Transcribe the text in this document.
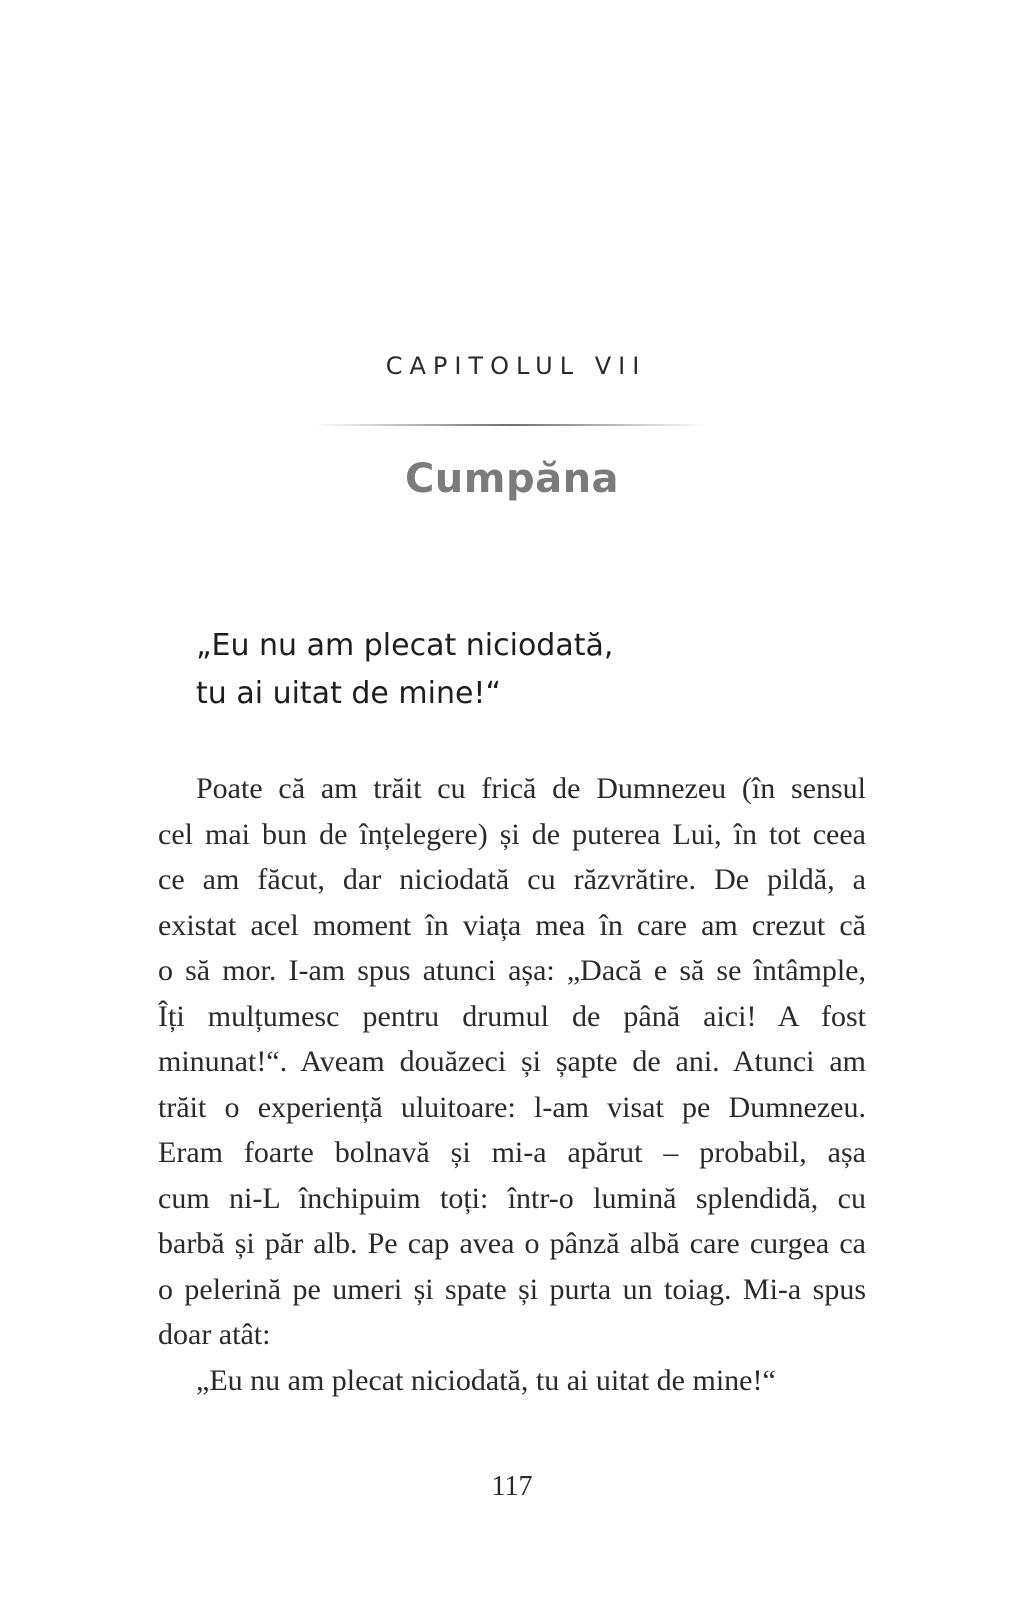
CAPITOLUL VII
Cumpăna
„Eu nu am plecat niciodată,
tu ai uitat de mine!“
Poate că am trăit cu frică de Dumnezeu (în sensul
cel mai bun de înțelegere) și de puterea Lui, în tot ceea
ce am făcut, dar niciodată cu răzvrătire. De pildă, a
existat acel moment în viața mea în care am crezut că
o să mor. I-am spus atunci așa: „Dacă e să se întâmple,
Îți mulțumesc pentru drumul de până aici! A fost
minunat!“. Aveam douăzeci și șapte de ani. Atunci am
trăit o experiență uluitoare: l-am visat pe Dumnezeu.
Eram foarte bolnavă și mi-a apărut – probabil, așa
cum ni-L închipuim toți: într-o lumină splendidă, cu
barbă și păr alb. Pe cap avea o pânză albă care curgea ca
o pelerină pe umeri și spate și purta un toiag. Mi-a spus
doar atât:
„Eu nu am plecat niciodată, tu ai uitat de mine!“
117
